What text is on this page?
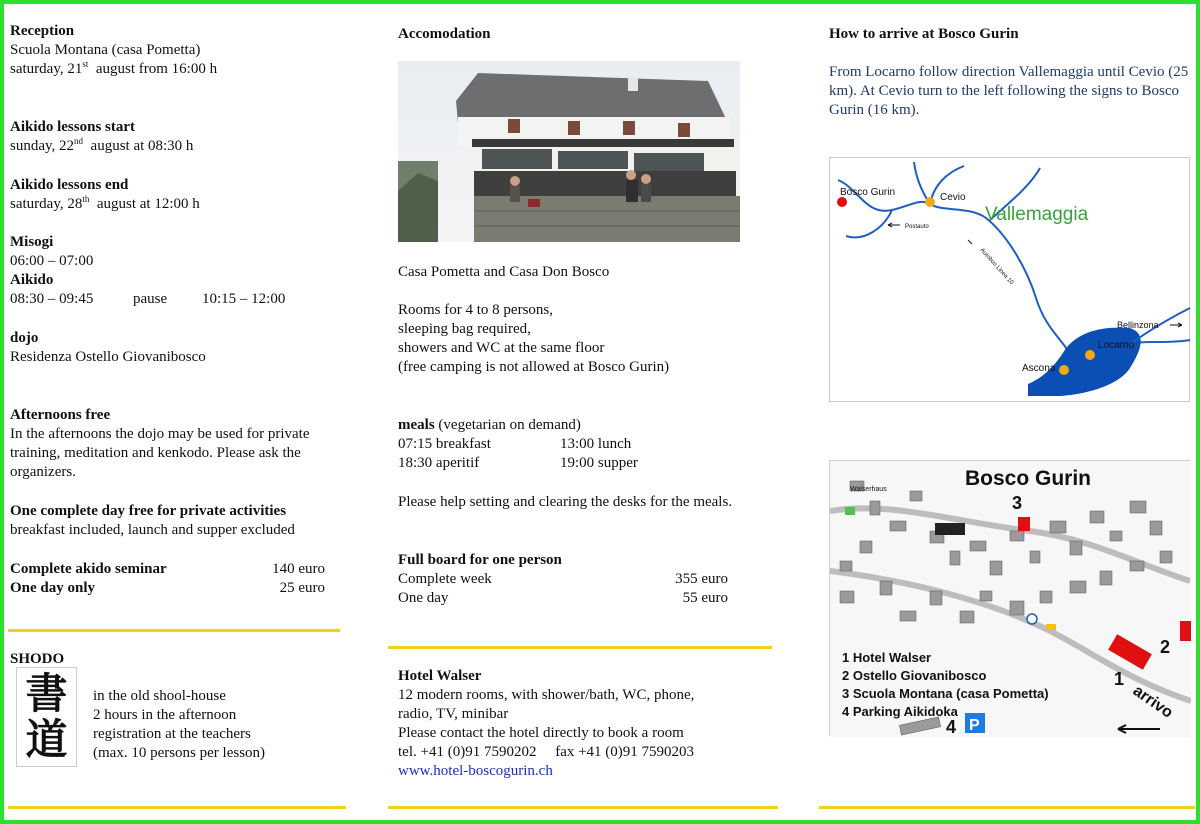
Reception
Scuola Montana (casa Pometta)
saturday, 21st  august from 16:00 h
Aikido lessons start
sunday, 22nd  august at 08:30 h
Aikido lessons end
saturday, 28th  august at 12:00 h
Misogi
06:00 – 07:00
Aikido
08:30 – 09:45	pause	10:15 – 12:00
dojo
Residenza Ostello Giovanibosco
Afternoons free
In the afternoons the dojo may be used for private training, meditation and kenkodo. Please ask the organizers.
One complete day free for private activities
breakfast included, launch and supper excluded
Complete akido seminar	140 euro
One day only	25 euro
SHODO
書
道
in the old shool-house
2 hours in the afternoon
registration at the teachers
(max. 10 persons per lesson)
Accomodation
Casa Pometta and Casa Don Bosco
Rooms for 4 to 8 persons,
sleeping bag required,
showers and WC at the same floor
(free camping is not allowed at Bosco Gurin)
meals (vegetarian on demand)
07:15 breakfast	13:00 lunch
18:30 aperitif	19:00 supper
Please help setting and clearing the desks for the meals.
Full board for one person
Complete week	355 euro
One day	55 euro
Hotel Walser
12 modern rooms, with shower/bath, WC, phone,
radio, TV, minibar
Please contact the hotel directly to book a room
tel. +41 (0)91 7590202     fax +41 (0)91 7590203
www.hotel-boscogurin.ch
How to arrive at Bosco Gurin
From Locarno follow direction Vallemaggia until Cevio (25 km). At Cevio turn to the left following the signs to Bosco Gurin (16 km).
Bosco Gurin	Cevio
Vallemaggia
Postauto
Autobus Linea 10
Bellinzona
Locarno
Ascona
Bosco Gurin
Walserhaus
3
2
1
arrivo
1 Hotel Walser
2 Ostello Giovanibosco
3 Scuola Montana (casa Pometta)
4 Parking Aikidoka
4 P
